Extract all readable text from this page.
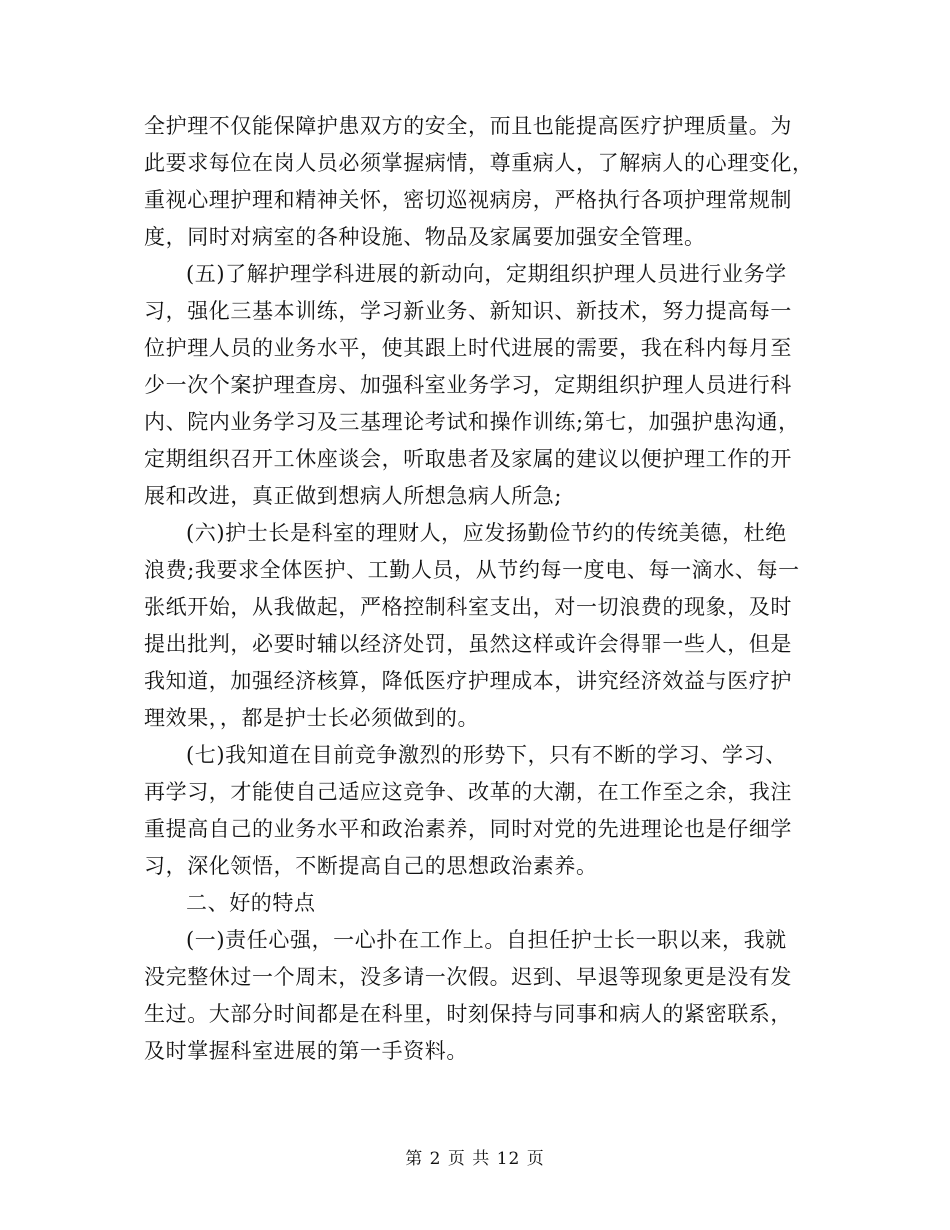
全护理不仅能保障护患双方的安全，而且也能提高医疗护理质量。为
此要求每位在岗人员必须掌握病情，尊重病人，了解病人的心理变化，
重视心理护理和精神关怀，密切巡视病房，严格执行各项护理常规制
度，同时对病室的各种设施、物品及家属要加强安全管理。
(五)了解护理学科进展的新动向，定期组织护理人员进行业务学
习，强化三基本训练，学习新业务、新知识、新技术，努力提高每一
位护理人员的业务水平，使其跟上时代进展的需要，我在科内每月至
少一次个案护理查房、加强科室业务学习，定期组织护理人员进行科
内、院内业务学习及三基理论考试和操作训练;第七，加强护患沟通，
定期组织召开工休座谈会，听取患者及家属的建议以便护理工作的开
展和改进，真正做到想病人所想急病人所急;
(六)护士长是科室的理财人，应发扬勤俭节约的传统美德，杜绝
浪费;我要求全体医护、工勤人员，从节约每一度电、每一滴水、每一
张纸开始，从我做起，严格控制科室支出，对一切浪费的现象，及时
提出批判，必要时辅以经济处罚，虽然这样或许会得罪一些人，但是
我知道，加强经济核算，降低医疗护理成本，讲究经济效益与医疗护
理效果，，都是护士长必须做到的。
(七)我知道在目前竞争激烈的形势下，只有不断的学习、学习、
再学习，才能使自己适应这竞争、改革的大潮，在工作至之余，我注
重提高自己的业务水平和政治素养，同时对党的先进理论也是仔细学
习，深化领悟，不断提高自己的思想政治素养。
二、好的特点
(一)责任心强，一心扑在工作上。自担任护士长一职以来，我就
没完整休过一个周末，没多请一次假。迟到、早退等现象更是没有发
生过。大部分时间都是在科里，时刻保持与同事和病人的紧密联系，
及时掌握科室进展的第一手资料。
第 2 页 共 12 页
